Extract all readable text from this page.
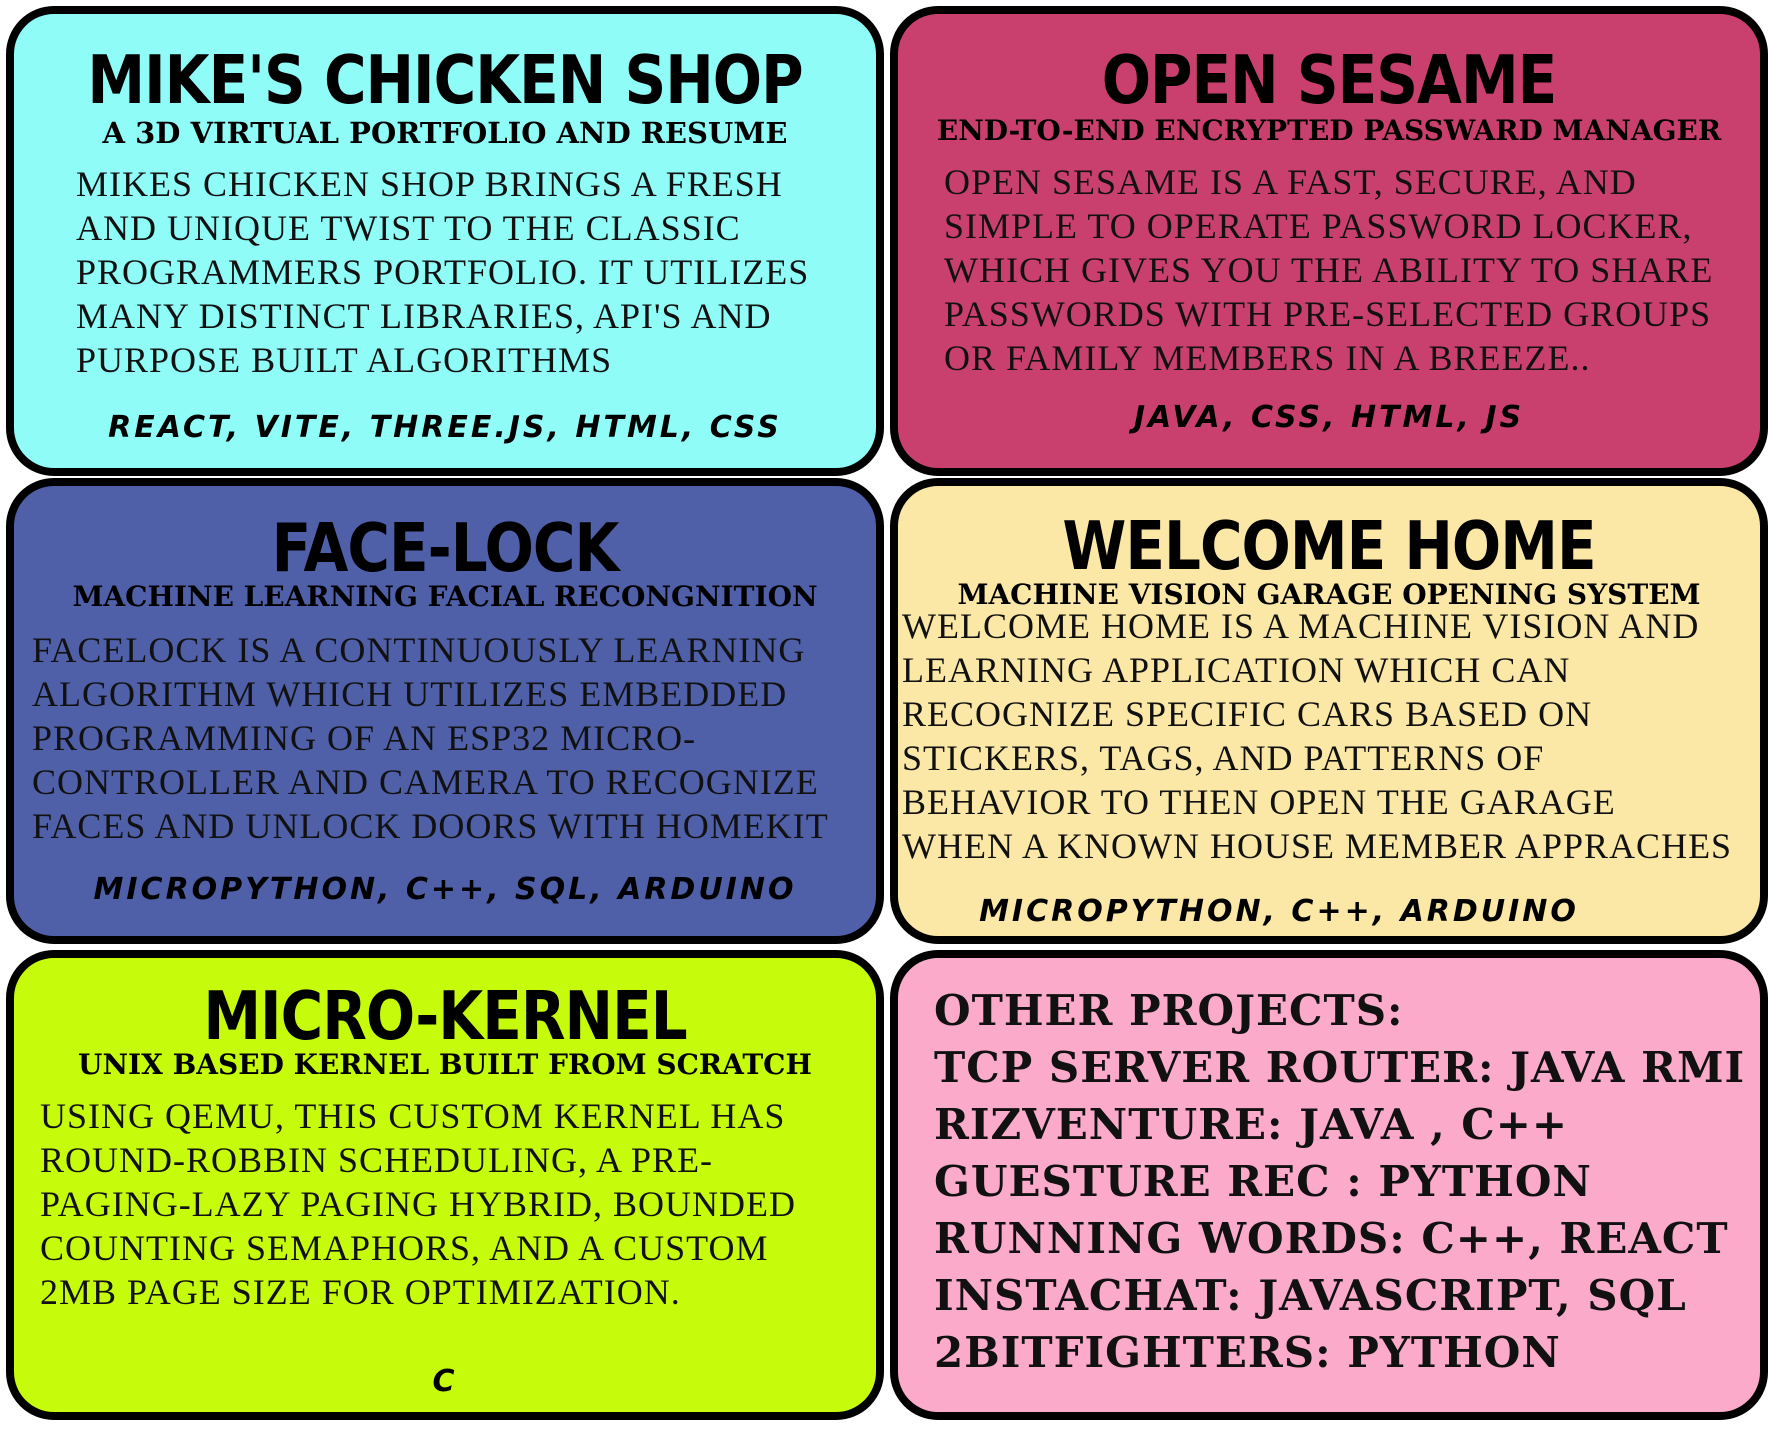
MIKE'S CHICKEN SHOP
A 3D VIRTUAL PORTFOLIO AND RESUME
MIKES CHICKEN SHOP BRINGS A FRESH
AND UNIQUE TWIST TO THE CLASSIC
PROGRAMMERS PORTFOLIO. IT UTILIZES
MANY DISTINCT LIBRARIES, API'S AND
PURPOSE BUILT ALGORITHMS
REACT, VITE, THREE.JS, HTML, CSS
OPEN SESAME
END-TO-END ENCRYPTED PASSWARD MANAGER
OPEN SESAME IS A FAST, SECURE, AND
SIMPLE TO OPERATE PASSWORD LOCKER,
WHICH GIVES YOU THE ABILITY TO SHARE
PASSWORDS WITH PRE-SELECTED GROUPS
OR FAMILY MEMBERS IN A BREEZE..
JAVA, CSS, HTML, JS
FACE-LOCK
MACHINE LEARNING FACIAL RECONGNITION
FACELOCK IS A CONTINUOUSLY LEARNING
ALGORITHM WHICH UTILIZES EMBEDDED
PROGRAMMING OF AN ESP32 MICRO-
CONTROLLER AND CAMERA TO RECOGNIZE
FACES AND UNLOCK DOORS WITH HOMEKIT
MICROPYTHON, C++, SQL, ARDUINO
WELCOME HOME
MACHINE VISION GARAGE OPENING SYSTEM
WELCOME HOME IS A MACHINE VISION AND
LEARNING APPLICATION WHICH CAN
RECOGNIZE SPECIFIC CARS BASED ON
STICKERS, TAGS, AND PATTERNS OF
BEHAVIOR TO THEN OPEN THE GARAGE
WHEN A KNOWN HOUSE MEMBER APPRACHES
MICROPYTHON, C++, ARDUINO
MICRO-KERNEL
UNIX BASED KERNEL BUILT FROM SCRATCH
USING QEMU, THIS CUSTOM KERNEL HAS
ROUND-ROBBIN SCHEDULING, A PRE-
PAGING-LAZY PAGING HYBRID, BOUNDED
COUNTING SEMAPHORS, AND A CUSTOM
2MB PAGE SIZE FOR OPTIMIZATION.
C
OTHER PROJECTS:
TCP SERVER ROUTER: JAVA RMI
RIZVENTURE: JAVA , C++
GUESTURE REC : PYTHON
RUNNING WORDS: C++, REACT
INSTACHAT: JAVASCRIPT, SQL
2BITFIGHTERS: PYTHON
